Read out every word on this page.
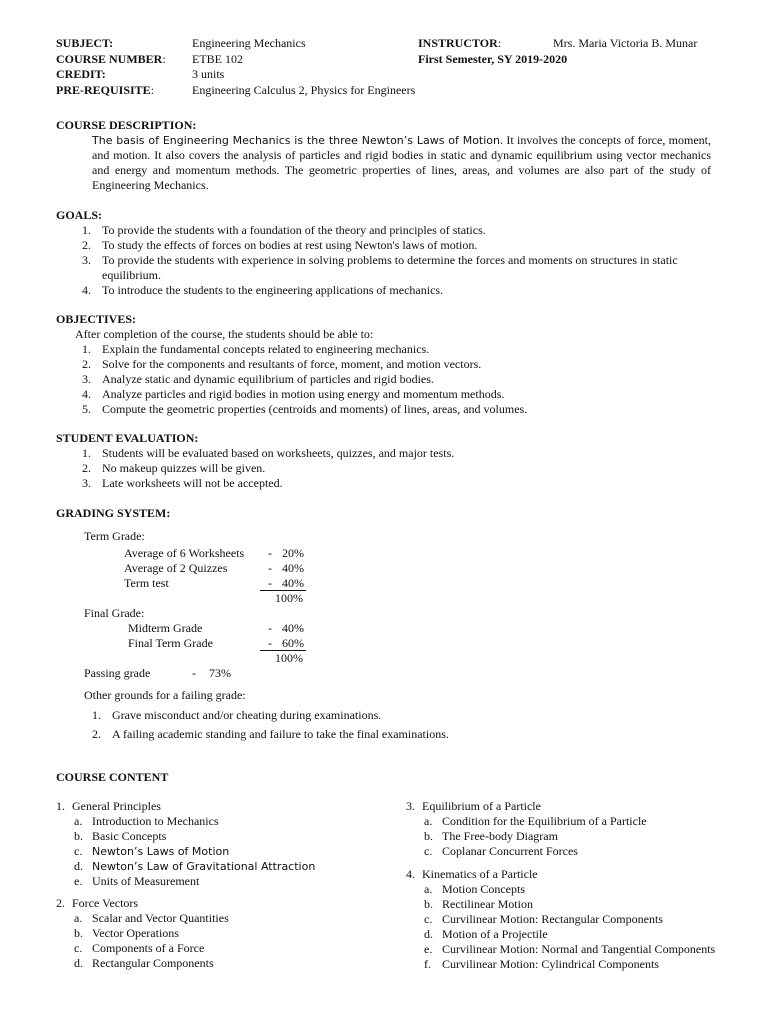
SUBJECT:	Engineering Mechanics	INSTRUCTOR:	Mrs. Maria Victoria B. Munar
COURSE NUMBER: ETBE 102	First Semester, SY 2019-2020
CREDIT:	3 units
PRE-REQUISITE:	Engineering Calculus 2, Physics for Engineers
COURSE DESCRIPTION:
The basis of Engineering Mechanics is the three Newton’s Laws of Motion. It involves the concepts of force, moment, and motion. It also covers the analysis of particles and rigid bodies in static and dynamic equilibrium using vector mechanics and energy and momentum methods. The geometric properties of lines, areas, and volumes are also part of the study of Engineering Mechanics.
GOALS:
1. To provide the students with a foundation of the theory and principles of statics.
2. To study the effects of forces on bodies at rest using Newton's laws of motion.
3. To provide the students with experience in solving problems to determine the forces and moments on structures in static equilibrium.
4. To introduce the students to the engineering applications of mechanics.
OBJECTIVES:
After completion of the course, the students should be able to:
1. Explain the fundamental concepts related to engineering mechanics.
2. Solve for the components and resultants of force, moment, and motion vectors.
3. Analyze static and dynamic equilibrium of particles and rigid bodies.
4. Analyze particles and rigid bodies in motion using energy and momentum methods.
5. Compute the geometric properties (centroids and moments) of lines, areas, and volumes.
STUDENT EVALUATION:
1. Students will be evaluated based on worksheets, quizzes, and major tests.
2. No makeup quizzes will be given.
3. Late worksheets will not be accepted.
GRADING SYSTEM:
Term Grade:
Average of 6 Worksheets - 20%
Average of 2 Quizzes	- 40%
Term test	- 40%
100%
Final Grade:
Midterm Grade	- 40%
Final Term Grade	- 60%
100%
Passing grade	- 73%
Other grounds for a failing grade:
1. Grave misconduct and/or cheating during examinations.
2. A failing academic standing and failure to take the final examinations.
COURSE CONTENT
1. General Principles
a. Introduction to Mechanics
b. Basic Concepts
c. Newton’s Laws of Motion
d. Newton’s Law of Gravitational Attraction
e. Units of Measurement
2. Force Vectors
a. Scalar and Vector Quantities
b. Vector Operations
c. Components of a Force
d. Rectangular Components
3. Equilibrium of a Particle
a. Condition for the Equilibrium of a Particle
b. The Free-body Diagram
c. Coplanar Concurrent Forces
4. Kinematics of a Particle
a. Motion Concepts
b. Rectilinear Motion
c. Curvilinear Motion: Rectangular Components
d. Motion of a Projectile
e. Curvilinear Motion: Normal and Tangential Components
f. Curvilinear Motion: Cylindrical Components
